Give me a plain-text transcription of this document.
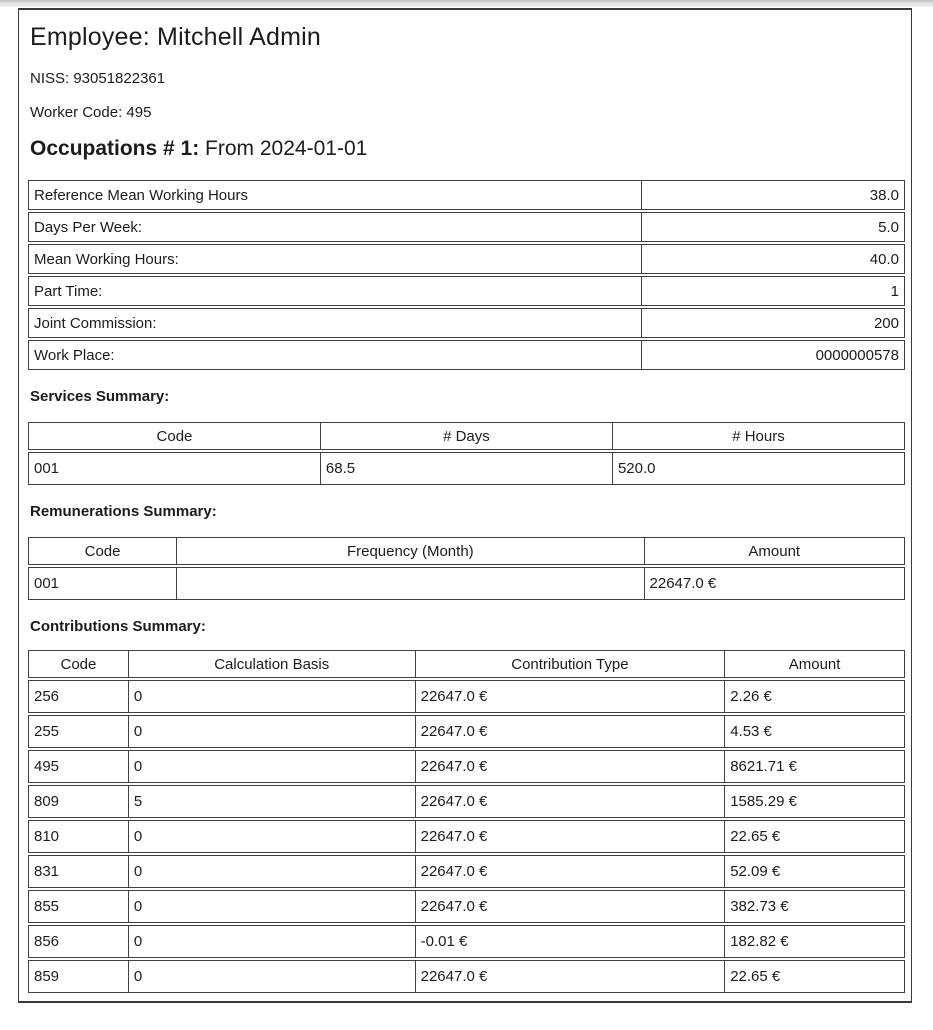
Employee: Mitchell Admin

NISS: 93051822361

Worker Code: 495

Occupations # 1: From 2024-01-01
Reference Mean Working Hours	38.0
Days Per Week:	5.0
Mean Working Hours:	40.0
Part Time:	1
Joint Commission:	200
Work Place:	0000000578

Services Summary:

Code	# Days	# Hours
001	68.5	520.0

Remunerations Summary:

Code	Frequency (Month)	Amount
001		22647.0 €

Contributions Summary:

Code	Calculation Basis	Contribution Type	Amount
256	0	22647.0 €	2.26 €
255	0	22647.0 €	4.53 €
495	0	22647.0 €	8621.71 €
809	5	22647.0 €	1585.29 €
810	0	22647.0 €	22.65 €
831	0	22647.0 €	52.09 €
855	0	22647.0 €	382.73 €
856	0	-0.01 €	182.82 €
859	0	22647.0 €	22.65 €
